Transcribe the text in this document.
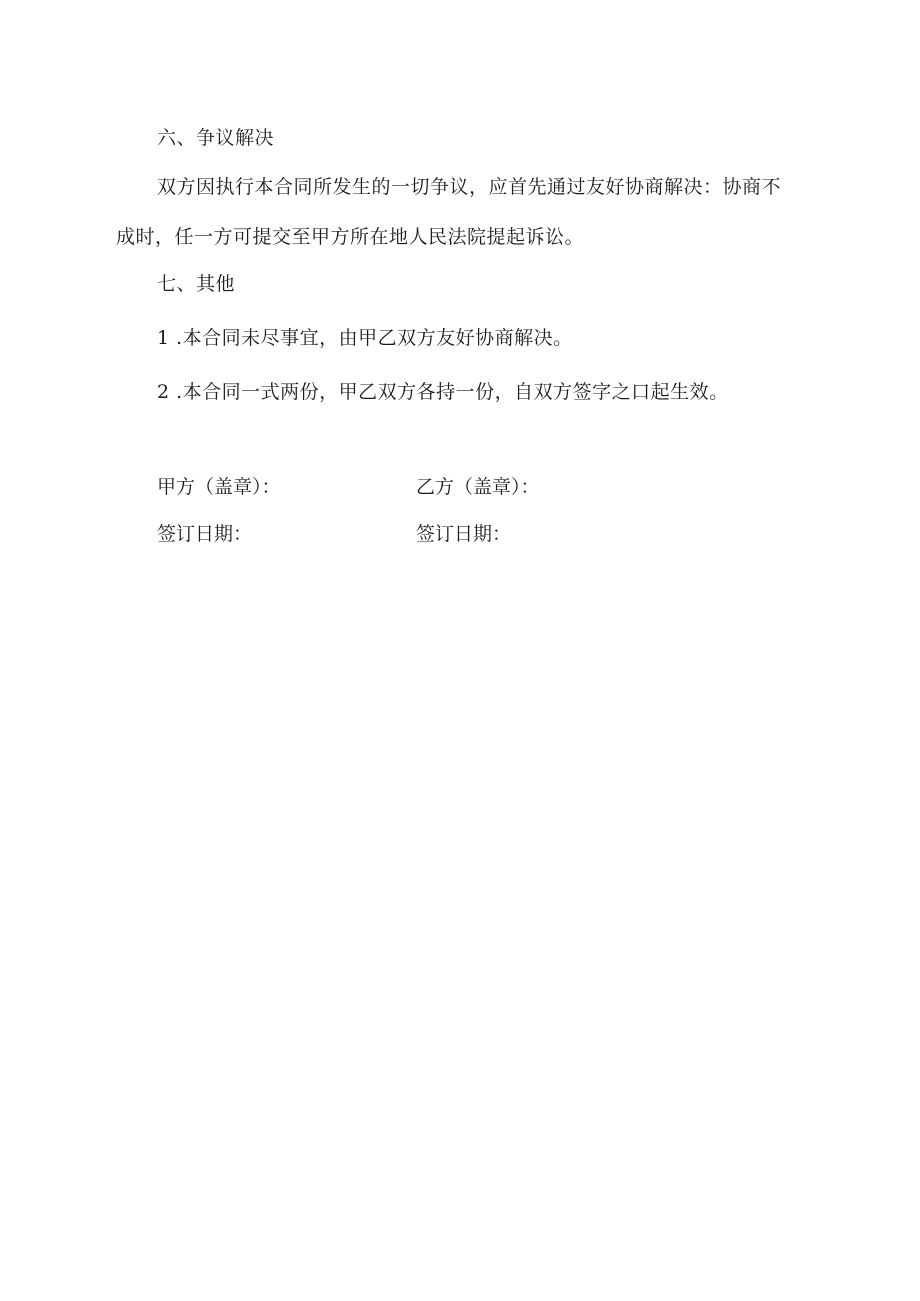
六、争议解决
双方因执行本合同所发生的一切争议，应首先通过友好协商解决：协商不
成时，任一方可提交至甲方所在地人民法院提起诉讼。
七、其他
1 .本合同未尽事宜，由甲乙双方友好协商解决。
2 .本合同一式两份，甲乙双方各持一份，自双方签字之口起生效。
甲方（盖章）：	乙方（盖章）：
签订日期：	签订日期：
